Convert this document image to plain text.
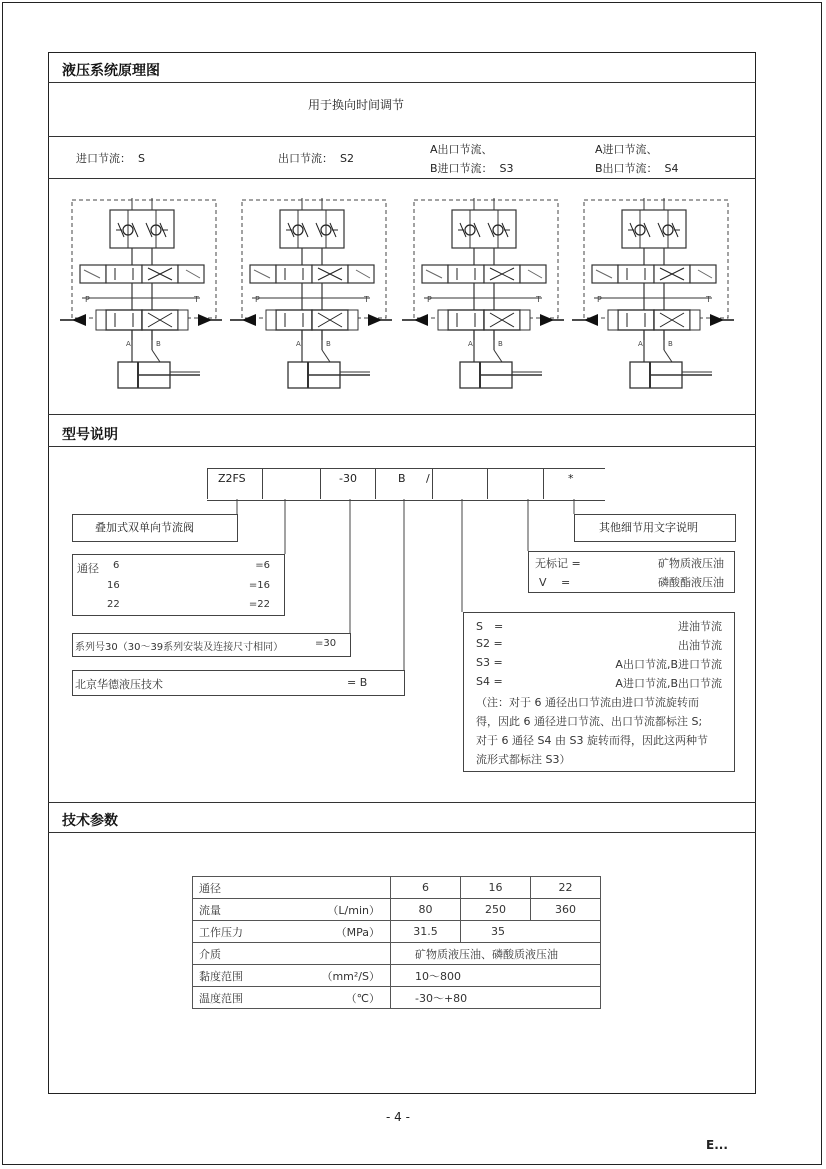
液压系统原理图
用于换向时间调节
进口节流： S	出口节流： S2
A出口节流、
B进口节流： S3
A进口节流、
B出口节流： S4
型号说明
Z2FS	-30	B /	*
叠加式双单向节流阀	其他细节用文字说明
通径 6	=6
16	=16
22	=22
无标记 =	矿物质液压油
V　 =	磷酸酯液压油
系列号30（30～39系列安装及连接尺寸相同）	=30
北京华德液压技术	= B
S　=	进油节流
S2 =	出油节流
S3 =	A出口节流,B进口节流
S4 =	A进口节流,B出口节流
（注：对于 6 通径出口节流由进口节流旋转而
得，因此 6 通径进口节流、出口节流都标注 S;
对于 6 通径 S4 由 S3 旋转而得，因此这两种节
流形式都标注 S3）
技术参数
通径	6	16	22

流量 （L/min）	80	250	360

工作压力 （MPa）	31.5	35	

介质	矿物质液压油、磷酸质液压油		

黏度范围 （mm²/S）	10～800		

温度范围 （℃）	-30～+80		
- 4 -
E...
